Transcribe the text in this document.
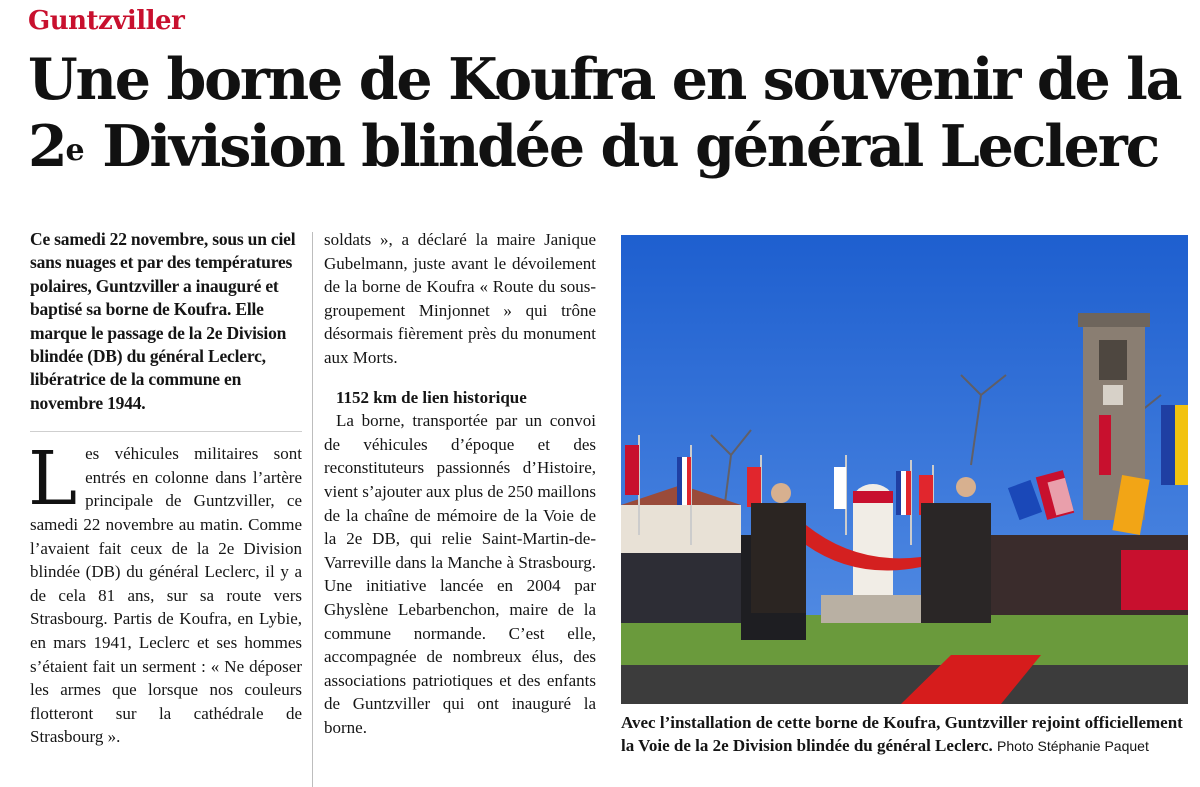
Guntzviller
Une borne de Koufra en souvenir de la
2e Division blindée du général Leclerc

Ce samedi 22 novembre, sous un ciel sans nuages et par des températures polaires, Guntzviller a inauguré et baptisé sa borne de Koufra. Elle marque le passage de la 2e Division blindée (DB) du général Leclerc, libératrice de la commune en novembre 1944.

Les véhicules militaires sont entrés en colonne dans l’artère principale de Guntzviller, ce samedi 22 novembre au matin. Comme l’avaient fait ceux de la 2e Division blindée (DB) du général Leclerc, il y a de cela 81 ans, sur sa route vers Strasbourg. Partis de Koufra, en Lybie, en mars 1941, Leclerc et ses hommes s’étaient fait un serment : « Ne déposer les armes que lorsque nos couleurs flotteront sur la cathédrale de Strasbourg ».

soldats », a déclaré la maire Janique Gubelmann, juste avant le dévoilement de la borne de Koufra « Route du sous-groupement Minjonnet » qui trône désormais fièrement près du monument aux Morts.

1152 km de lien historique

La borne, transportée par un convoi de véhicules d’époque et des reconstituteurs passionnés d’Histoire, vient s’ajouter aux plus de 250 maillons de la chaîne de mémoire de la Voie de la 2e DB, qui relie Saint-Martin-de-Varreville dans la Manche à Strasbourg. Une initiative lancée en 2004 par Ghyslène Lebarbenchon, maire de la commune normande. C’est elle, accompagnée de nombreux élus, des associations patriotiques et des enfants de Guntzviller qui ont inauguré la borne.	Avec l’installation de cette borne de Koufra, Guntzviller rejoint officiellement la Voie de la 2e Division blindée du général Leclerc. Photo Stéphanie Paquet
